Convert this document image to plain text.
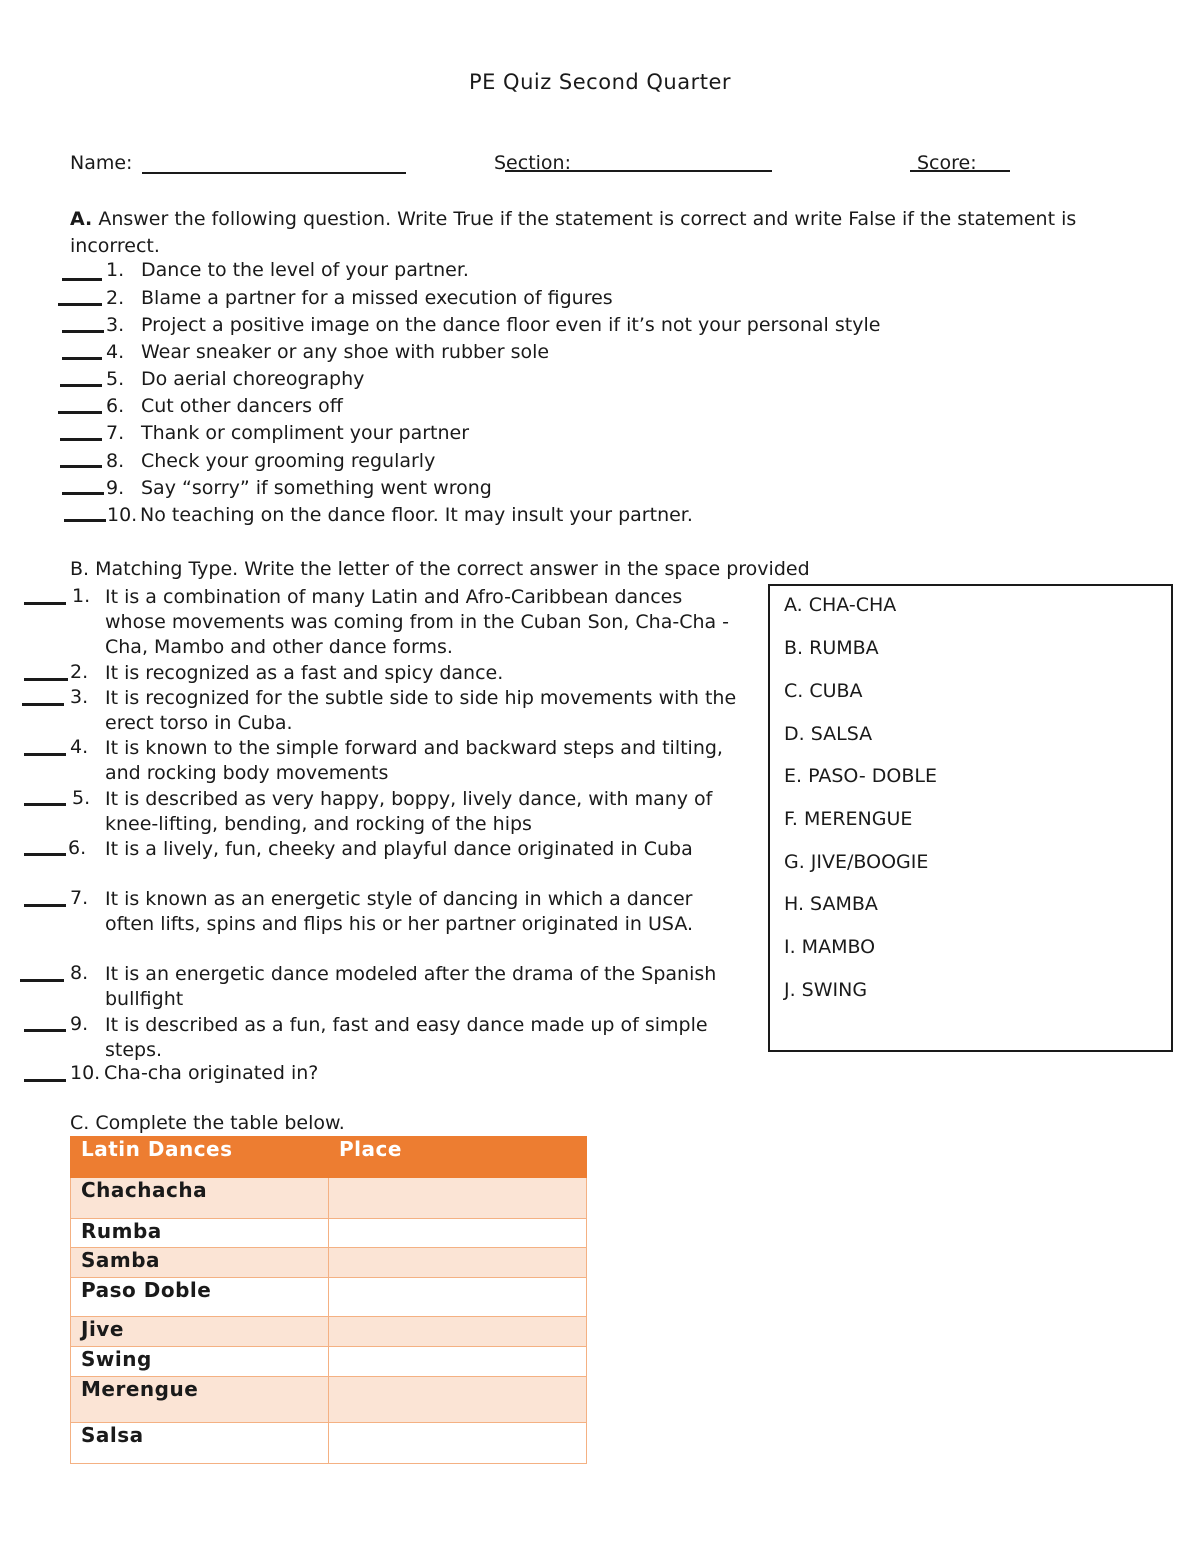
PE Quiz Second Quarter
Name:	Section:	Score:
A. Answer the following question. Write True if the statement is correct and write False if the statement is incorrect.
1. Dance to the level of your partner.
2. Blame a partner for a missed execution of figures
3. Project a positive image on the dance floor even if it’s not your personal style
4. Wear sneaker or any shoe with rubber sole
5. Do aerial choreography
6. Cut other dancers off
7. Thank or compliment your partner
8. Check your grooming regularly
9. Say “sorry” if something went wrong
10. No teaching on the dance floor. It may insult your partner.
B. Matching Type. Write the letter of the correct answer in the space provided
1. It is a combination of many Latin and Afro-Caribbean dances whose movements was coming from in the Cuban Son, Cha-Cha -Cha, Mambo and other dance forms.
2. It is recognized as a fast and spicy dance.
3. It is recognized for the subtle side to side hip movements with the erect torso in Cuba.
4. It is known to the simple forward and backward steps and tilting, and rocking body movements
5. It is described as very happy, boppy, lively dance, with many of knee-lifting, bending, and rocking of the hips
6. It is a lively, fun, cheeky and playful dance originated in Cuba
7. It is known as an energetic style of dancing in which a dancer often lifts, spins and flips his or her partner originated in USA.
8. It is an energetic dance modeled after the drama of the Spanish bullfight
9. It is described as a fun, fast and easy dance made up of simple steps.
10. Cha-cha originated in?
A. CHA-CHA
B. RUMBA
C. CUBA
D. SALSA
E. PASO- DOBLE
F. MERENGUE
G. JIVE/BOOGIE
H. SAMBA
I. MAMBO
J. SWING
C. Complete the table below.
Latin Dances	Place
Chachacha	
Rumba	
Samba	
Paso Doble	
Jive	
Swing	
Merengue	
Salsa	
